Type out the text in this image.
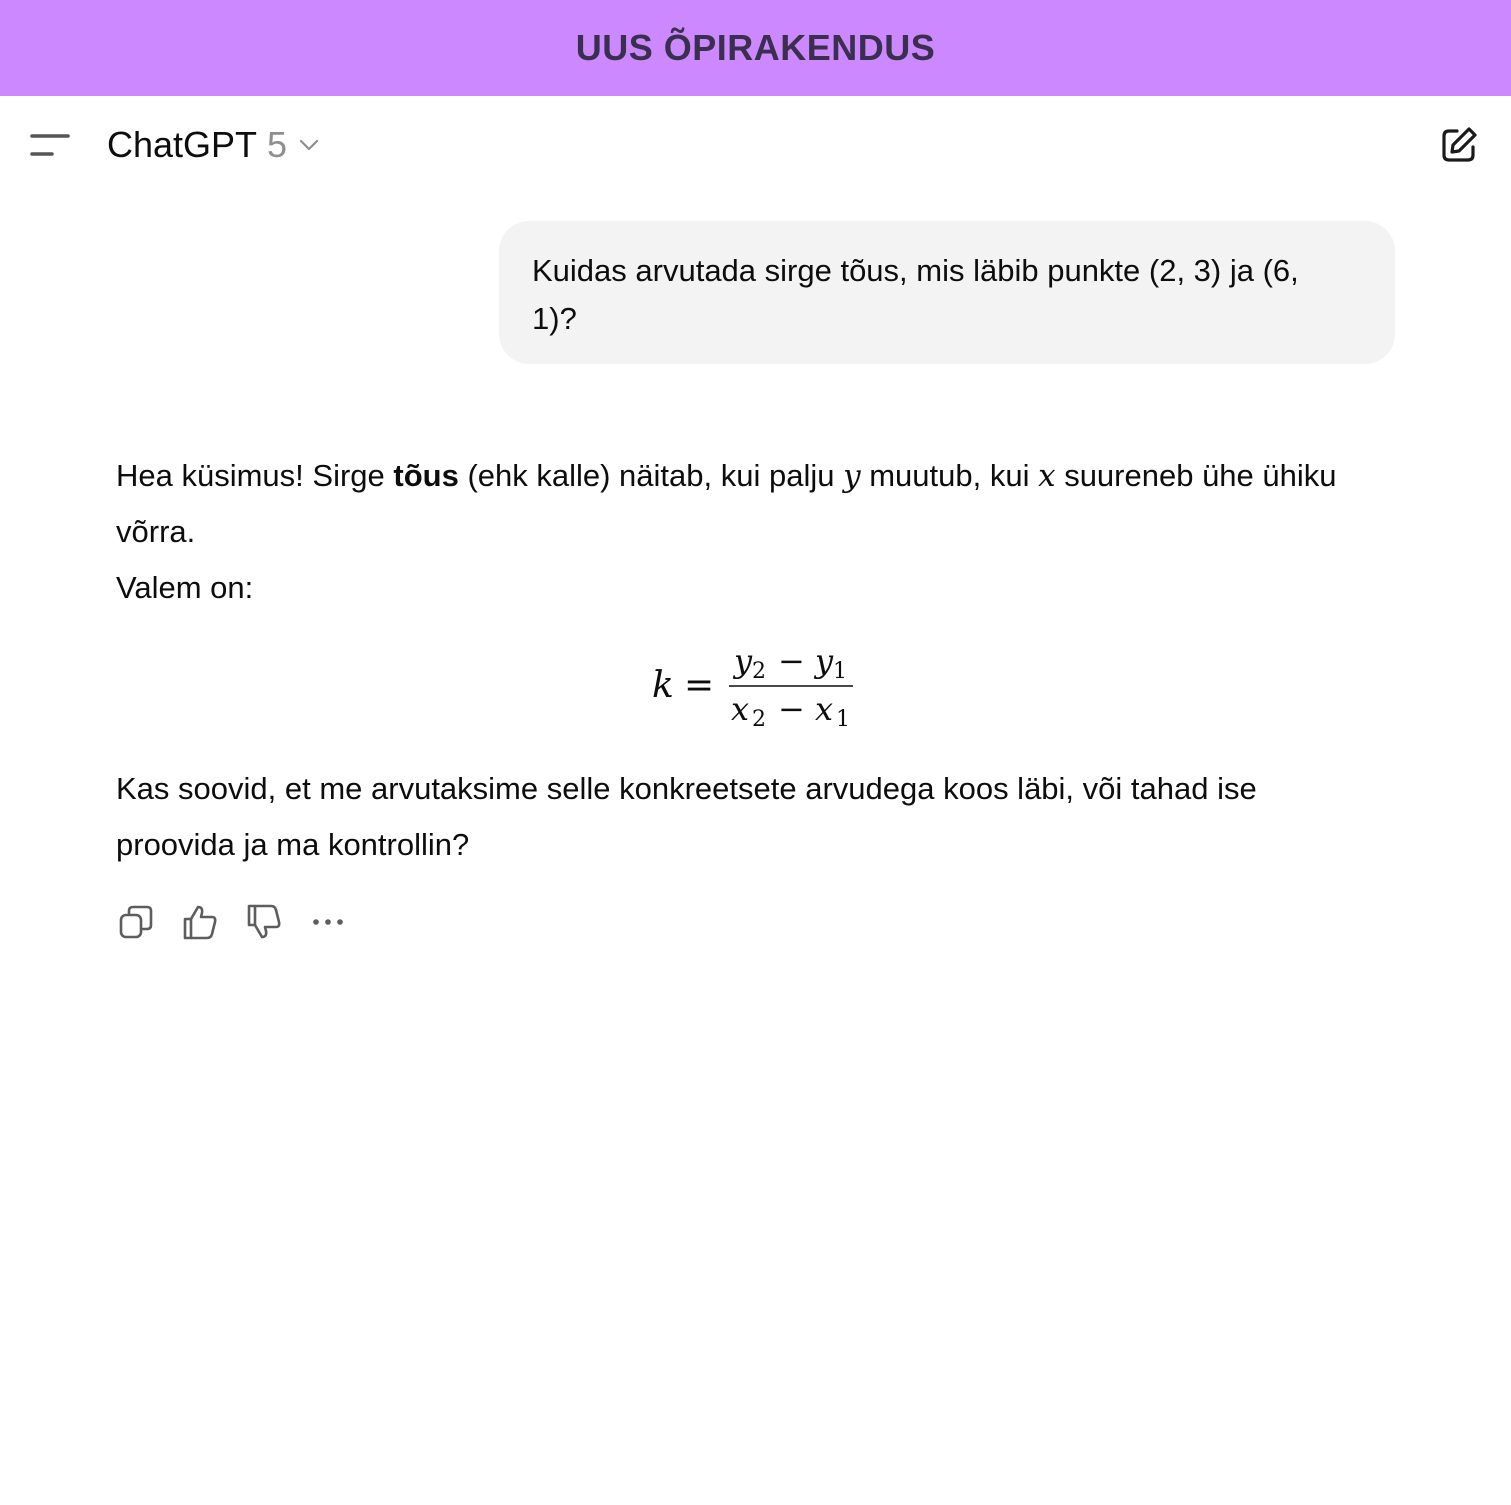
UUS ÕPIRAKENDUS
ChatGPT 5
Kuidas arvutada sirge tõus, mis läbib punkte (2, 3) ja (6,
1)?

Hea küsimus! Sirge tõus (ehk kalle) näitab, kui palju y muutub, kui x suureneb ühe ühiku

võrra.

Valem on:

k =
y 2 − y 1
x 2 − x 1

Kas soovid, et me arvutaksime selle konkreetsete arvudega koos läbi, või tahad ise

proovida ja ma kontrollin?
